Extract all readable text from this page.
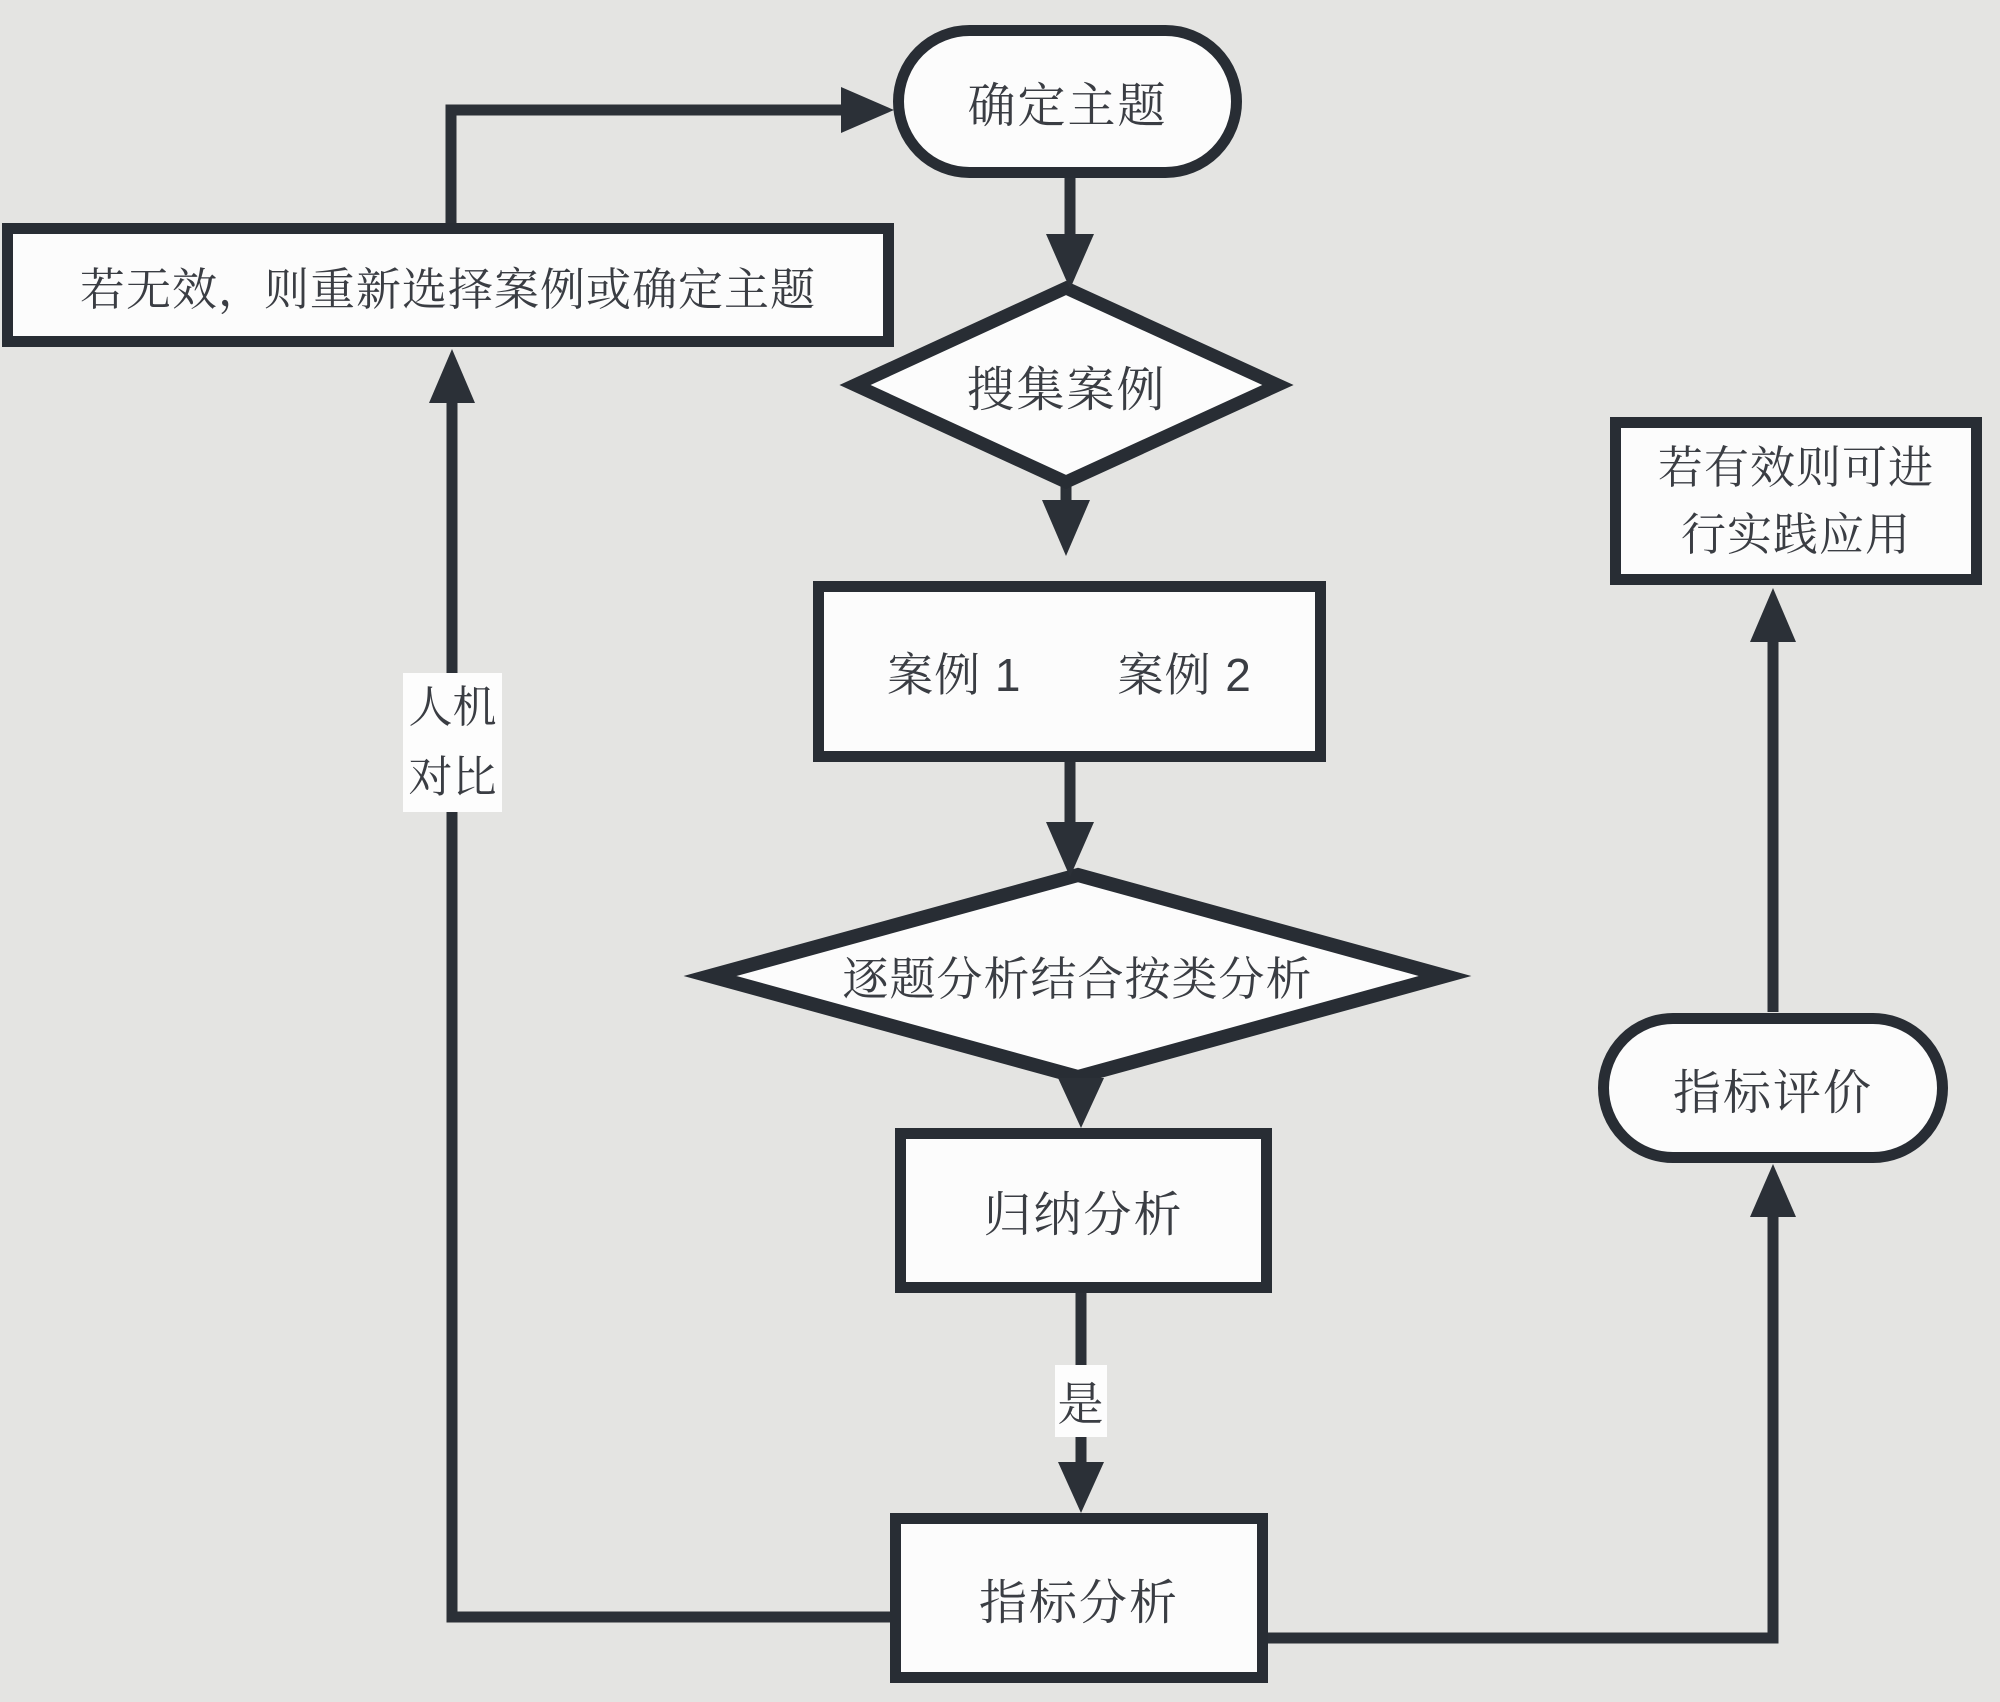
确定主题
若无效，则重新选择案例或确定主题
搜集案例
案例 1 案例 2
逐题分析结合按类分析
归纳分析
指标分析
若有效则可进
行实践应用
指标评价
人机
对比
是
